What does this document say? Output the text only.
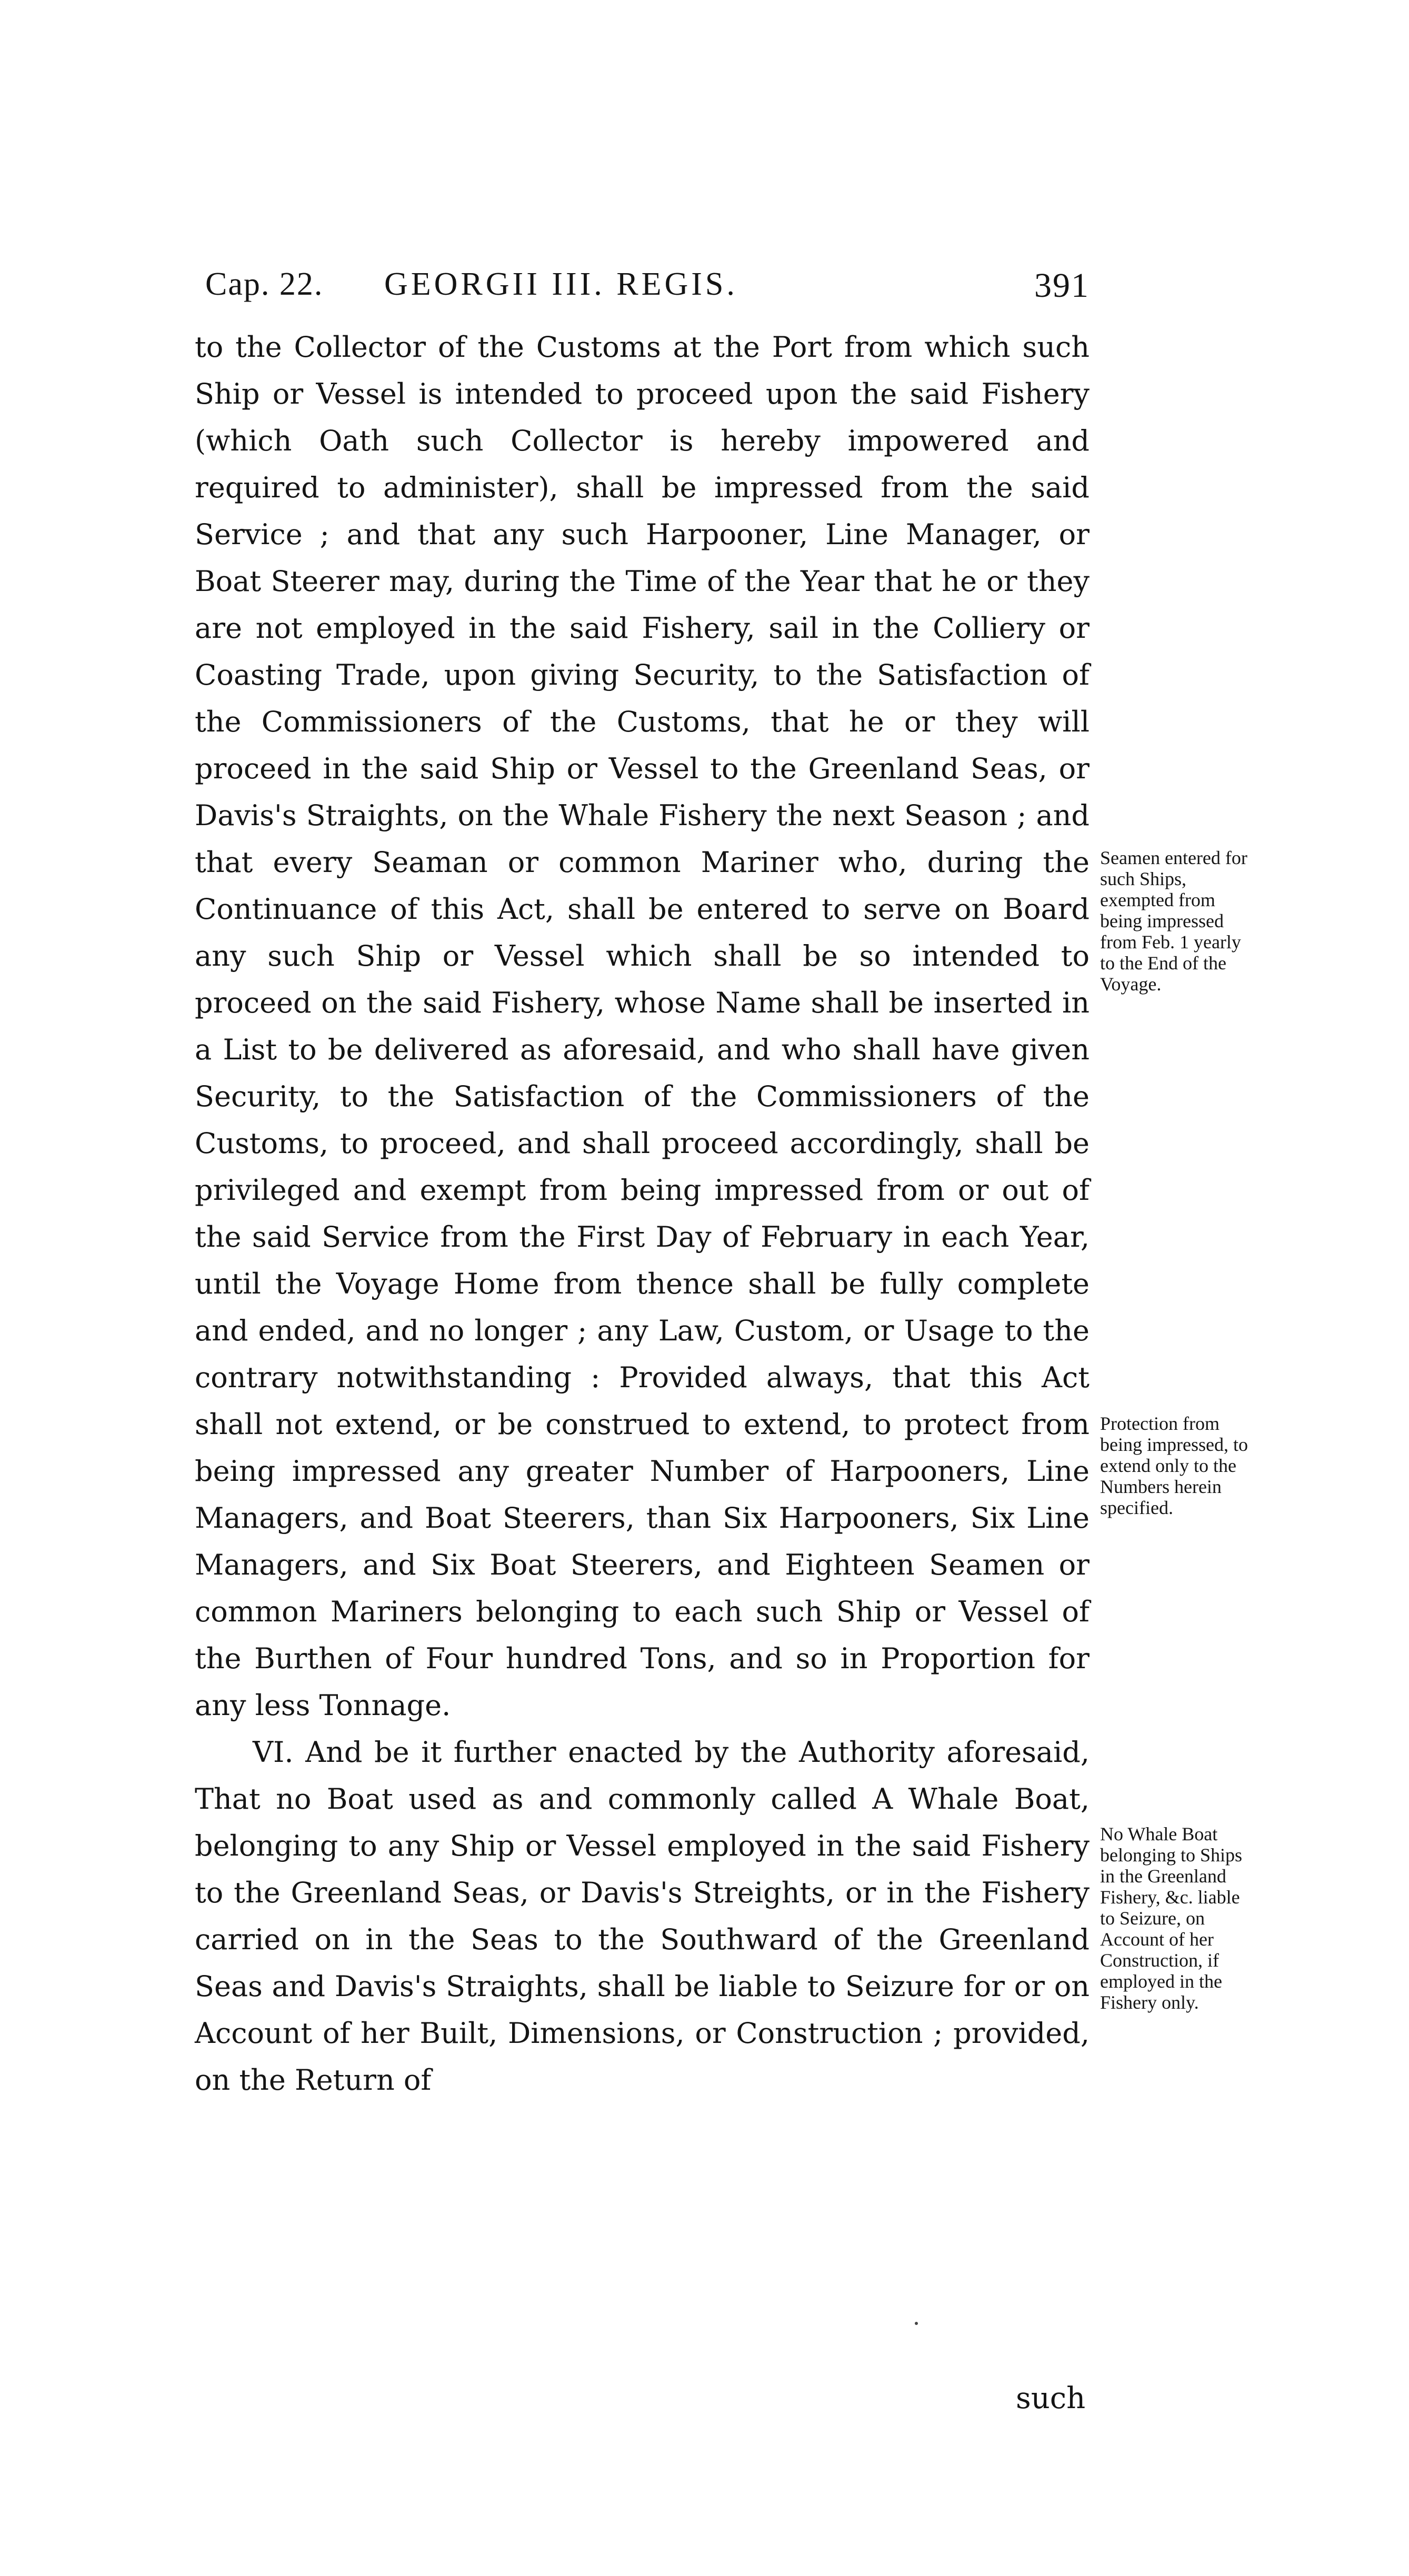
Cap. 22. GEORGII III. REGIS.	391

to the Collector of the Customs at the Port from which such Ship or Vessel is intended to proceed upon the said Fishery (which Oath such Collector is hereby impowered and required to administer), shall be impressed from the said Service ; and that any such Harpooner, Line Manager, or Boat Steerer may, during the Time of the Year that he or they are not employed in the said Fishery, sail in the Colliery or Coasting Trade, upon giving Security, to the Satisfaction of the Commissioners of the Customs, that he or they will proceed in the said Ship or Vessel to the Greenland Seas, or Davis's Straights, on the Whale Fishery the next Season ; and that every Seaman or common Mariner who, during the Continuance of this Act, shall be entered to serve on Board any such Ship or Vessel which shall be so intended to proceed on the said Fishery, whose Name shall be inserted in a List to be delivered as aforesaid, and who shall have given Security, to the Satisfaction of the Commissioners of the Customs, to proceed, and shall proceed accordingly, shall be privileged and exempt from being impressed from or out of the said Service from the First Day of February in each Year, until the Voyage Home from thence shall be fully complete and ended, and no longer ; any Law, Custom, or Usage to the contrary notwithstanding : Provided always, that this Act shall not extend, or be construed to extend, to protect from being impressed any greater Number of Harpooners, Line Managers, and Boat Steerers, than Six Harpooners, Six Line Managers, and Six Boat Steerers, and Eighteen Seamen or common Mariners belonging to each such Ship or Vessel of the Burthen of Four hundred Tons, and so in Proportion for any less Tonnage.

VI. And be it further enacted by the Authority aforesaid, That no Boat used as and commonly called A Whale Boat, belonging to any Ship or Vessel employed in the said Fishery to the Greenland Seas, or Davis's Streights, or in the Fishery carried on in the Seas to the Southward of the Greenland Seas and Davis's Straights, shall be liable to Seizure for or on Account of her Built, Dimensions, or Construction ; provided, on the Return of

Seamen entered for such Ships, exempted from being impressed from Feb. 1 yearly to the End of the Voyage.
Protection from being impressed, to extend only to the Numbers herein specified.
No Whale Boat belonging to Ships in the Greenland Fishery, &c. liable to Seizure, on Account of her Construction, if employed in the Fishery only.
such
